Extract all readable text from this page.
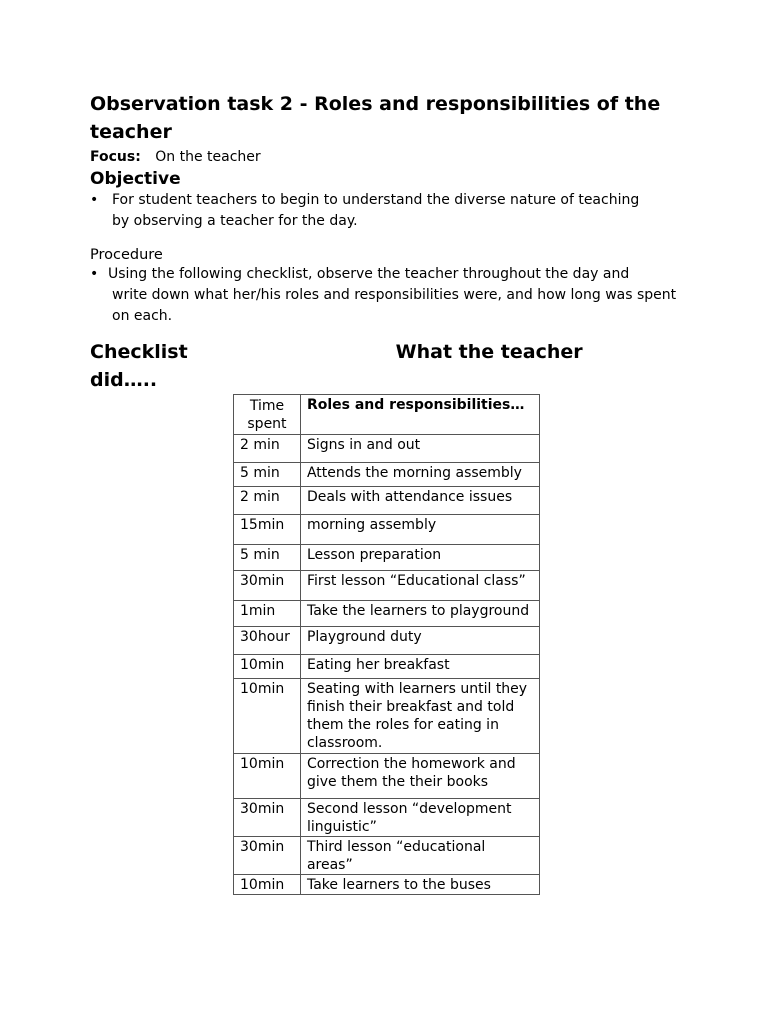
Observation task 2 - Roles and responsibilities of the teacher
Focus: On the teacher
Objective
• For student teachers to begin to understand the diverse nature of teaching by observing a teacher for the day.
Procedure
• Using the following checklist, observe the teacher throughout the day and
write down what her/his roles and responsibilities were, and how long was spent on each.
Checklist	What the teacher
did…..
Time spent	Roles and responsibilities…
2 min	Signs in and out
5 min	Attends the morning assembly
2 min	Deals with attendance issues
15min	morning assembly
5 min	Lesson preparation
30min	First lesson “Educational class”
1min	Take the learners to playground
30hour	Playground duty
10min	Eating her breakfast
10min	Seating with learners until they finish their breakfast and told them the roles for eating in classroom.
10min	Correction the homework and give them the their books
30min	Second lesson “development linguistic”
30min	Third lesson “educational areas”
10min	Take learners to the buses
